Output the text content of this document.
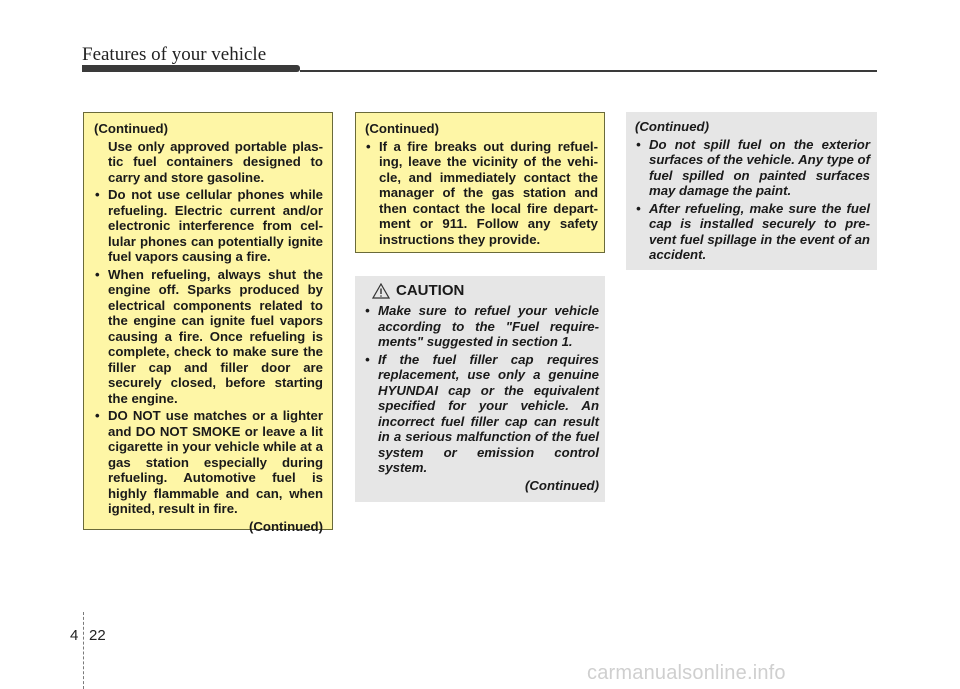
Features of your vehicle
(Continued)
Use only approved portable plas-tic fuel containers designed to carry and store gasoline.
• Do not use cellular phones while refueling. Electric current and/or electronic interference from cel-lular phones can potentially ignite fuel vapors causing a fire.
• When refueling, always shut the engine off. Sparks produced by electrical components related to the engine can ignite fuel vapors causing a fire. Once refueling is complete, check to make sure the filler cap and filler door are securely closed, before starting the engine.
• DO NOT use matches or a lighter and DO NOT SMOKE or leave a lit cigarette in your vehicle while at a gas station especially during refueling. Automotive fuel is highly flammable and can, when ignited, result in fire.
(Continued)
(Continued)
• If a fire breaks out during refuel-ing, leave the vicinity of the vehi-cle, and immediately contact the manager of the gas station and then contact the local fire depart-ment or 911. Follow any safety instructions they provide.
CAUTION
• Make sure to refuel your vehicle according to the "Fuel require-ments" suggested in section 1.
• If the fuel filler cap requires replacement, use only a genuine HYUNDAI cap or the equivalent specified for your vehicle. An incorrect fuel filler cap can result in a serious malfunction of the fuel system or emission control system.
(Continued)
(Continued)
• Do not spill fuel on the exterior surfaces of the vehicle. Any type of fuel spilled on painted surfaces may damage the paint.
• After refueling, make sure the fuel cap is installed securely to pre-vent fuel spillage in the event of an accident.
4 22
carmanualsonline.info
